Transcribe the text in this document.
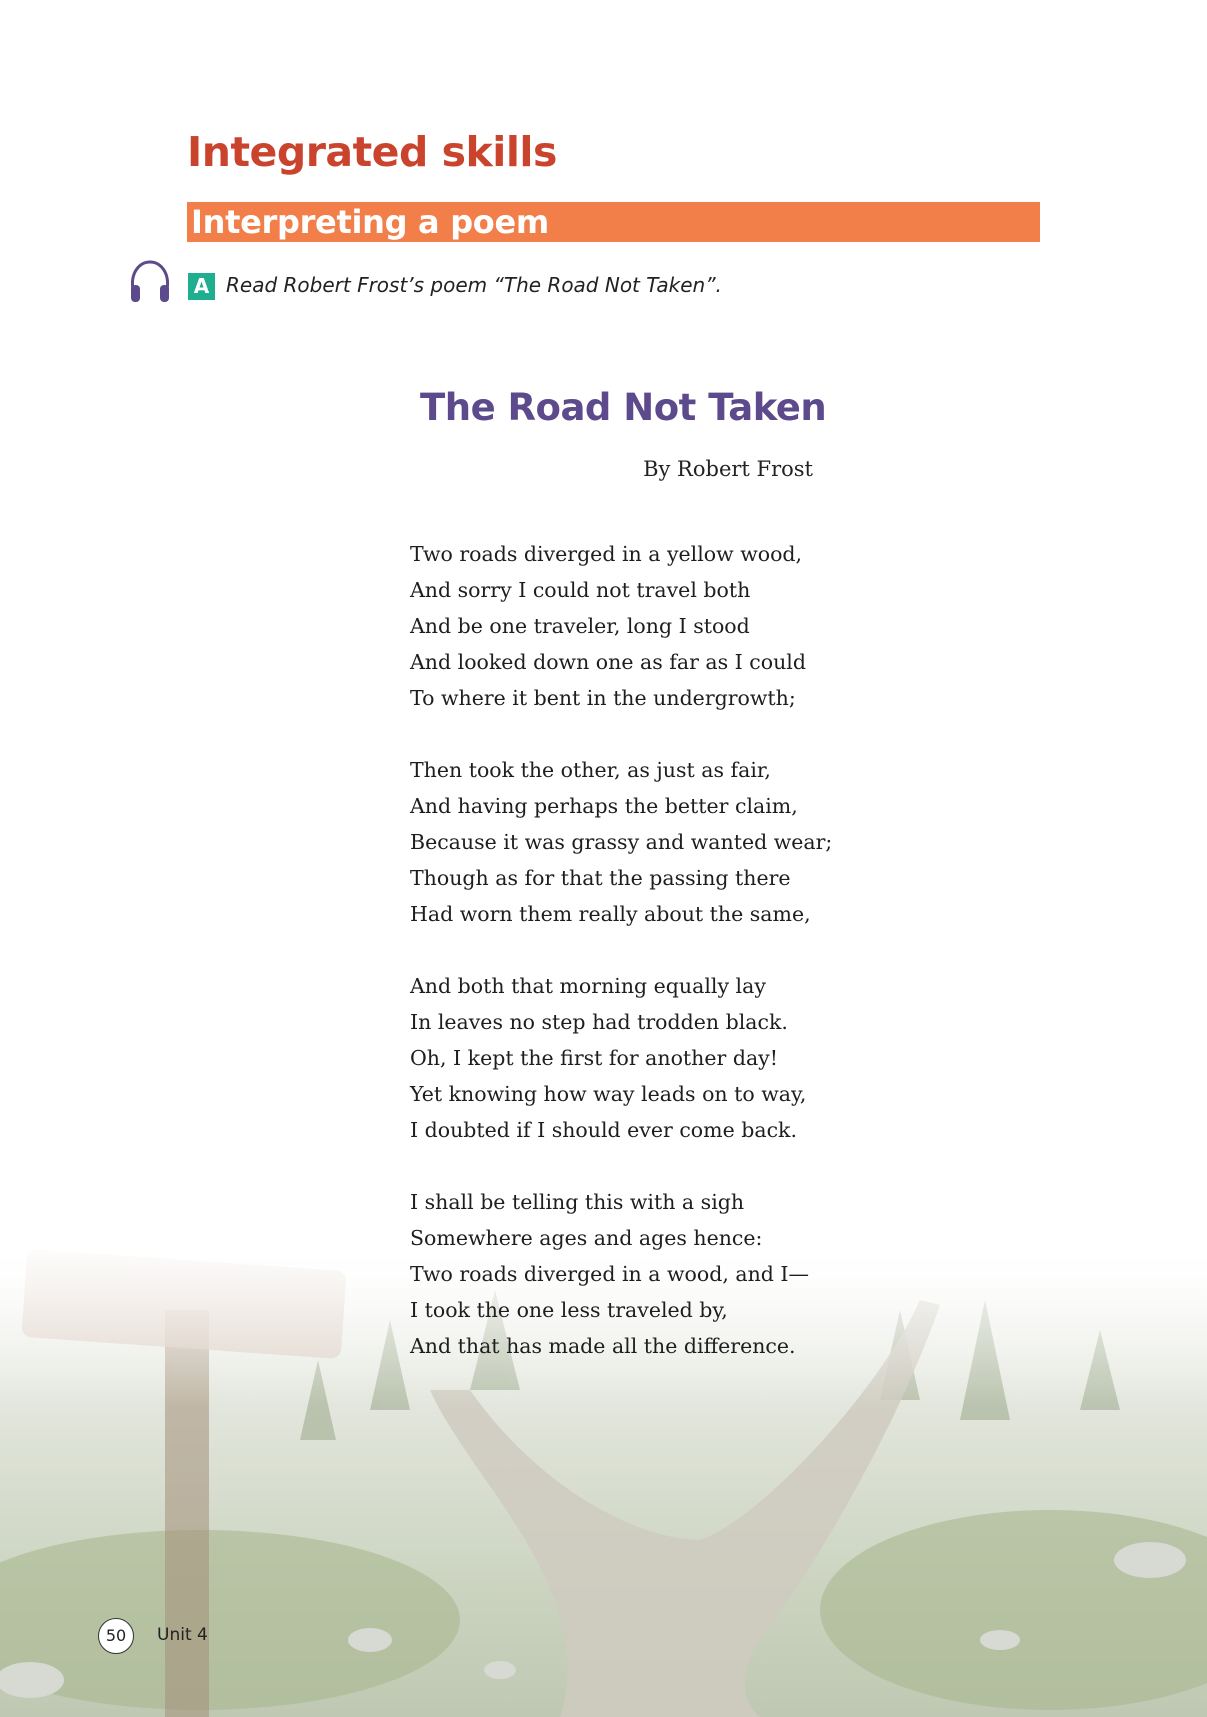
Integrated skills
Interpreting a poem
A Read Robert Frost’s poem “The Road Not Taken”.
The Road Not Taken
By Robert Frost
Two roads diverged in a yellow wood,
And sorry I could not travel both
And be one traveler, long I stood
And looked down one as far as I could
To where it bent in the undergrowth;
Then took the other, as just as fair,
And having perhaps the better claim,
Because it was grassy and wanted wear;
Though as for that the passing there
Had worn them really about the same,
And both that morning equally lay
In leaves no step had trodden black.
Oh, I kept the first for another day!
Yet knowing how way leads on to way,
I doubted if I should ever come back.
I shall be telling this with a sigh
Somewhere ages and ages hence:
Two roads diverged in a wood, and I—
I took the one less traveled by,
And that has made all the difference.
50	Unit 4
